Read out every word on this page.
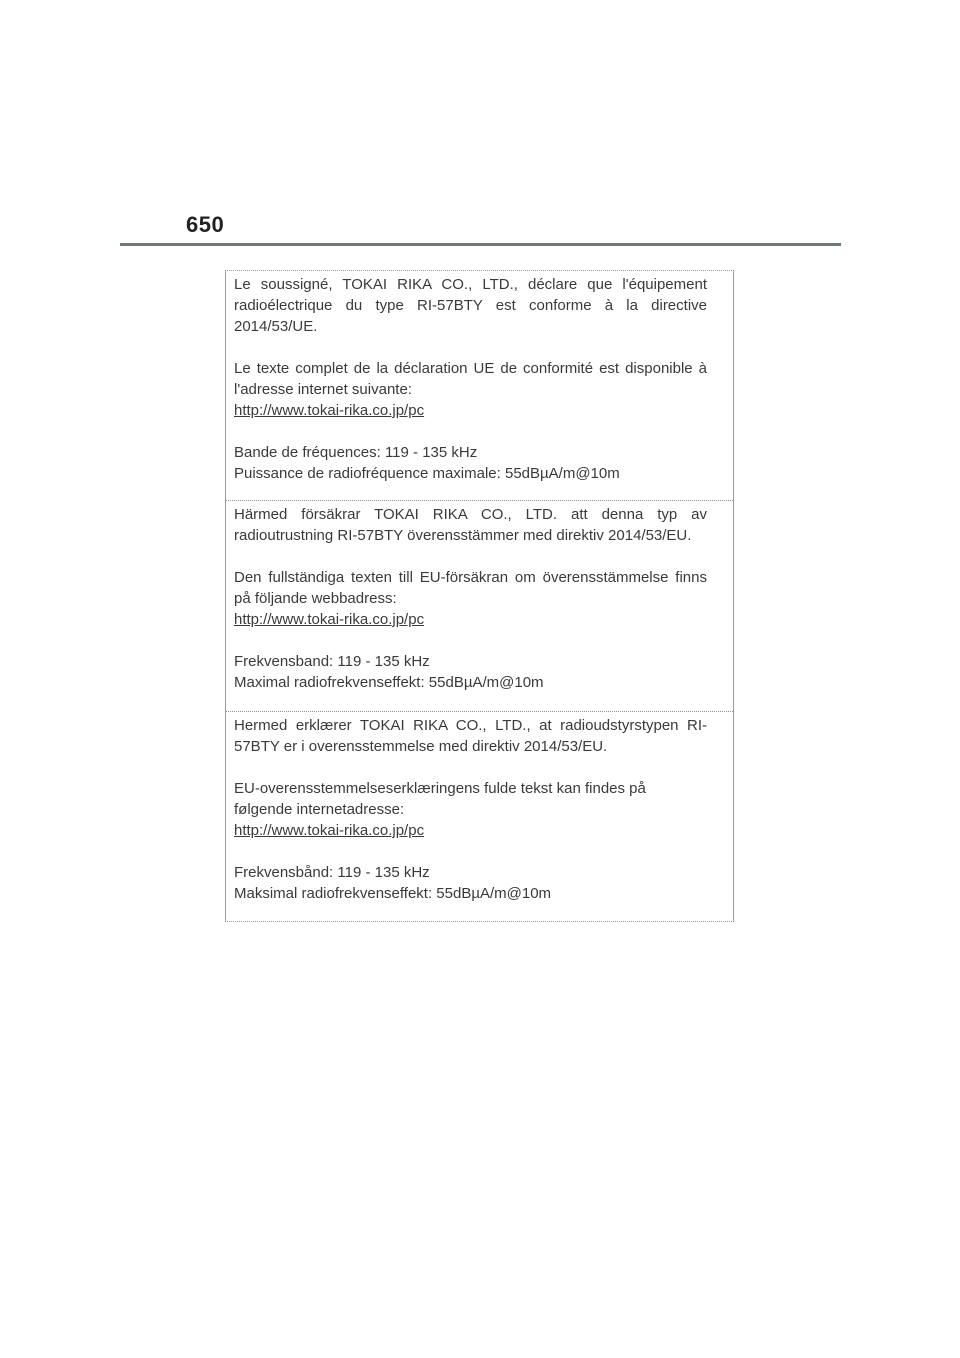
650

Le soussigné, TOKAI RIKA CO., LTD., déclare que l'équipement radioélectrique du type RI-57BTY est conforme à la directive 2014/53/UE.

Le texte complet de la déclaration UE de conformité est disponible à l'adresse internet suivante:

http://www.tokai-rika.co.jp/pc

Bande de fréquences: 119 - 135 kHz

Puissance de radiofréquence maximale: 55dBµA/m@10m

Härmed försäkrar TOKAI RIKA CO., LTD. att denna typ av radioutrustning RI-57BTY överensstämmer med direktiv 2014/53/EU.

Den fullständiga texten till EU-försäkran om överensstämmelse finns på följande webbadress:

http://www.tokai-rika.co.jp/pc

Frekvensband: 119 - 135 kHz

Maximal radiofrekvenseffekt: 55dBµA/m@10m

Hermed erklærer TOKAI RIKA CO., LTD., at radioudstyrstypen RI-57BTY er i overensstemmelse med direktiv 2014/53/EU.

EU-overensstemmelseserklæringens fulde tekst kan findes på

følgende internetadresse:

http://www.tokai-rika.co.jp/pc

Frekvensbånd: 119 - 135 kHz

Maksimal radiofrekvenseffekt: 55dBµA/m@10m
